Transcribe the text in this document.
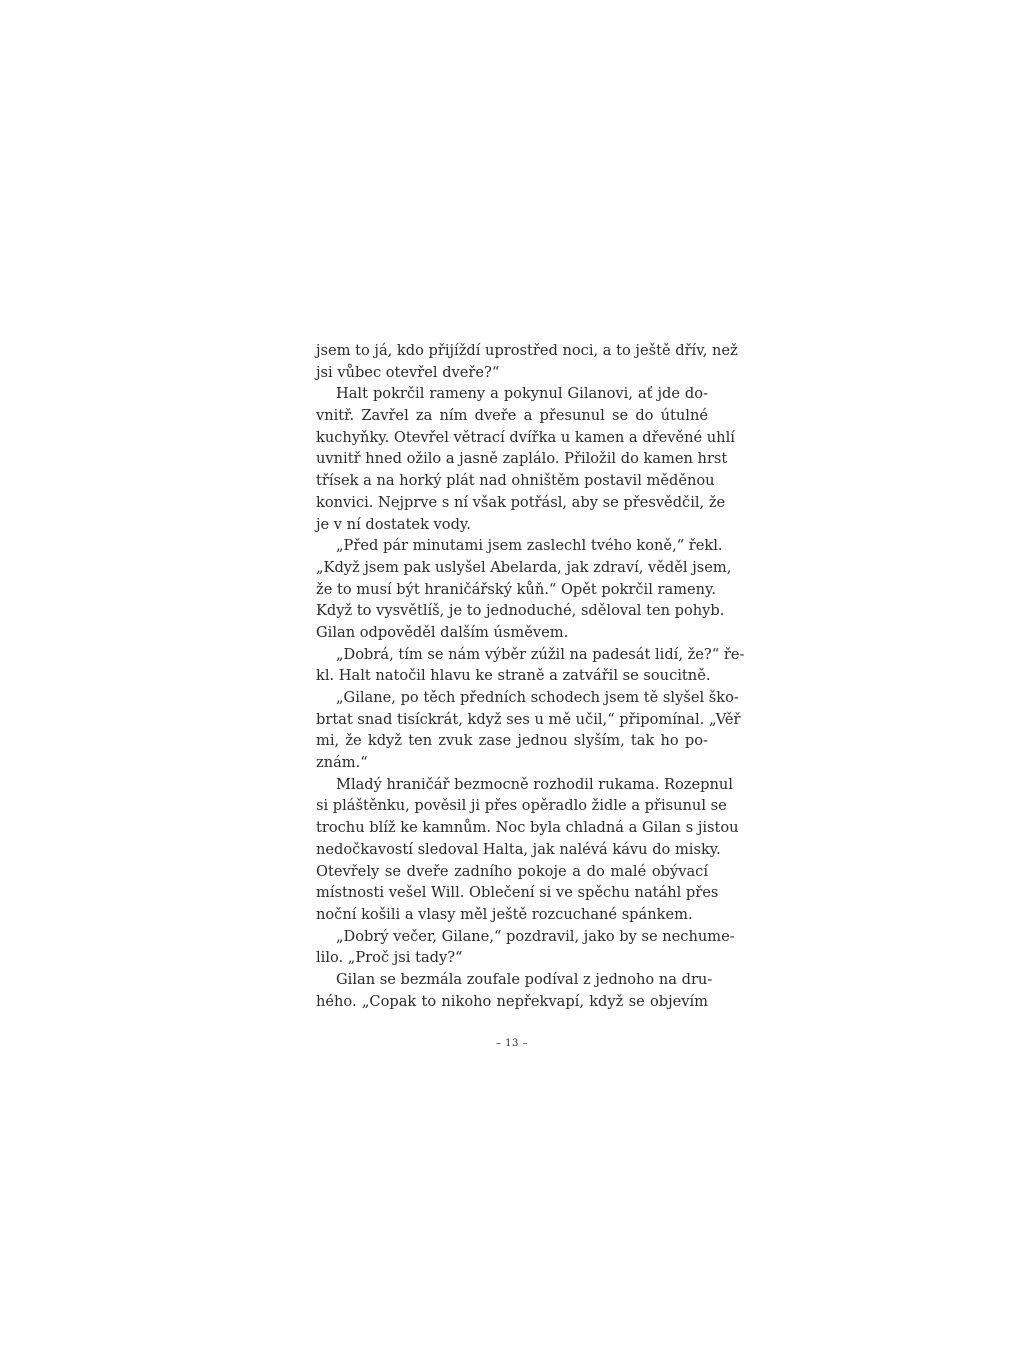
jsem to já, kdo přijíždí uprostřed noci, a to ještě dřív, než
jsi vůbec otevřel dveře?“
Halt pokrčil rameny a pokynul Gilanovi, ať jde do-
vnitř. Zavřel za ním dveře a přesunul se do útulné
kuchyňky. Otevřel větrací dvířka u kamen a dřevěné uhlí
uvnitř hned ožilo a jasně zaplálo. Přiložil do kamen hrst
třísek a na horký plát nad ohništěm postavil měděnou
konvici. Nejprve s ní však potřásl, aby se přesvědčil, že
je v ní dostatek vody.
„Před pár minutami jsem zaslechl tvého koně,“ řekl.
„Když jsem pak uslyšel Abelarda, jak zdraví, věděl jsem,
že to musí být hraničářský kůň.“ Opět pokrčil rameny.
Když to vysvětlíš, je to jednoduché, sděloval ten pohyb.
Gilan odpověděl dalším úsměvem.
„Dobrá, tím se nám výběr zúžil na padesát lidí, že?“ ře-
kl. Halt natočil hlavu ke straně a zatvářil se soucitně.
„Gilane, po těch předních schodech jsem tě slyšel ško-
brtat snad tisíckrát, když ses u mě učil,“ připomínal. „Věř
mi, že když ten zvuk zase jednou slyším, tak ho po-
znám.“
Mladý hraničář bezmocně rozhodil rukama. Rozepnul
si pláštěnku, pověsil ji přes opěradlo židle a přisunul se
trochu blíž ke kamnům. Noc byla chladná a Gilan s jistou
nedočkavostí sledoval Halta, jak nalévá kávu do misky.
Otevřely se dveře zadního pokoje a do malé obývací
místnosti vešel Will. Oblečení si ve spěchu natáhl přes
noční košili a vlasy měl ještě rozcuchané spánkem.
„Dobrý večer, Gilane,“ pozdravil, jako by se nechume-
lilo. „Proč jsi tady?“
Gilan se bezmála zoufale podíval z jednoho na dru-
hého. „Copak to nikoho nepřekvapí, když se objevím
– 13 –
